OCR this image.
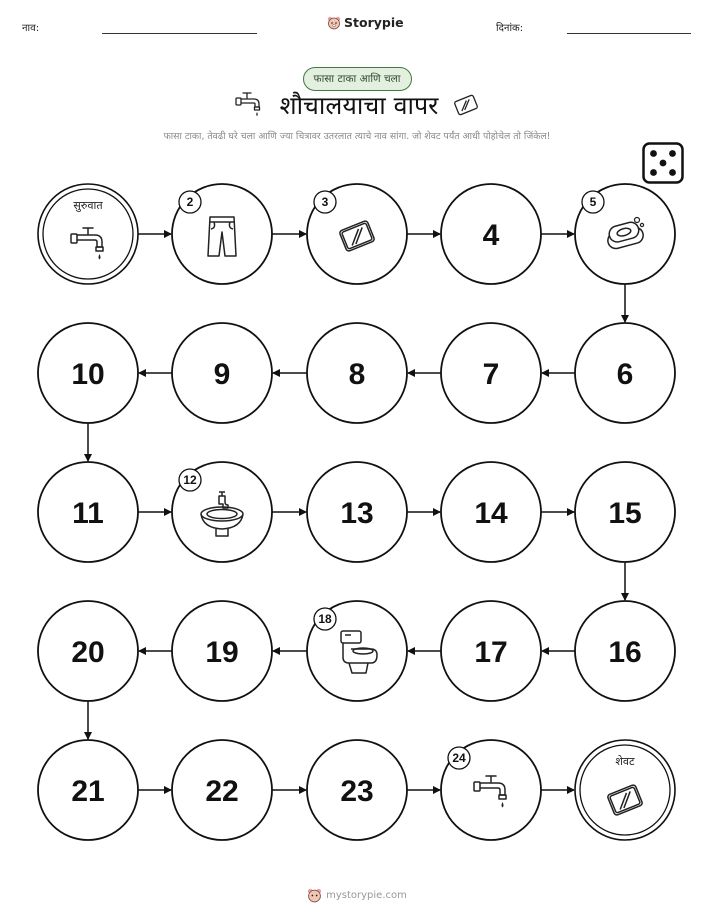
नाव:	Storypie	दिनांक:
फासा टाका आणि चला
शौचालयाचा वापर
फासा टाका, तेवढी घरे चला आणि ज्या चित्रावर उतरलात त्याचे नाव सांगा. जो शेवट पर्यंत आधी पोहोचेल तो जिंकेल!
सुरुवात	2	3
4
5
6
7
8
9
10
11
12
13	14	15
16
17
18
19
20
21	22	23
24	शेवट
mystorypie.com
